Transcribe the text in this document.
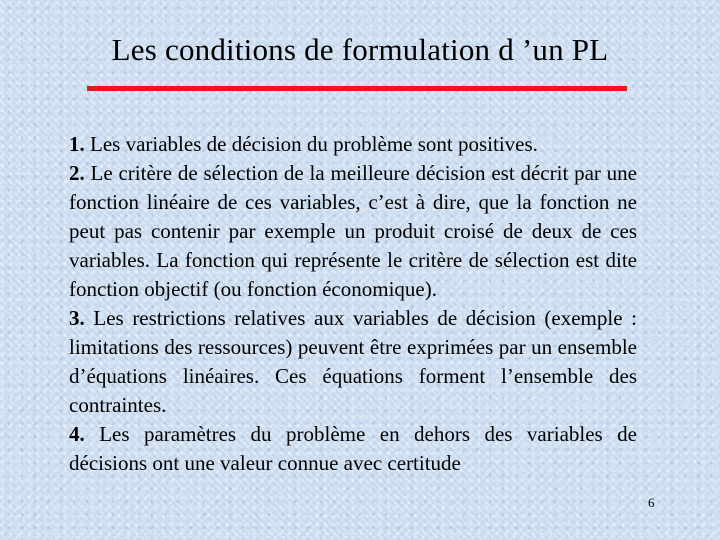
Les conditions de formulation d ’un PL

1. Les variables de décision du problème sont positives.

2. Le critère de sélection de la meilleure décision est décrit par une fonction linéaire de ces variables, c’est à dire, que la fonction ne peut pas contenir par exemple un produit croisé de deux de ces variables. La fonction qui représente le critère de sélection est dite fonction objectif (ou fonction économique).

3. Les restrictions relatives aux variables de décision (exemple : limitations des ressources) peuvent être exprimées par un ensemble d’équations linéaires. Ces équations forment l’ensemble des contraintes.

4. Les paramètres du problème en dehors des variables de décisions ont une valeur connue avec certitude

6
